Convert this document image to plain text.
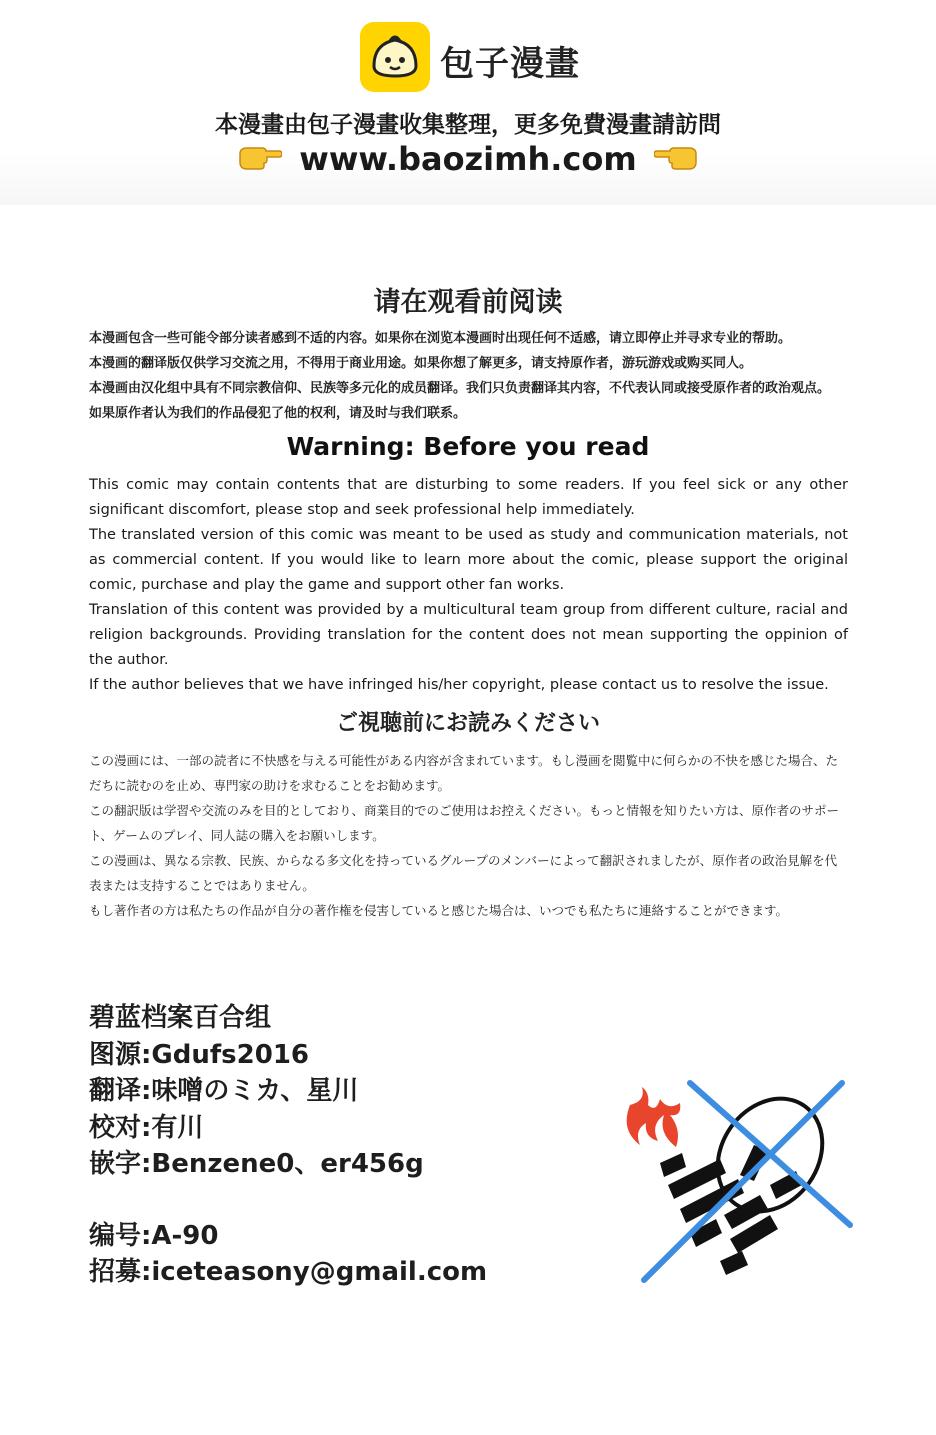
包子漫畫
本漫畫由包子漫畫收集整理，更多免費漫畫請訪問
www.baozimh.com
请在观看前阅读

本漫画包含一些可能令部分读者感到不适的内容。如果你在浏览本漫画时出现任何不适感，请立即停止并寻求专业的帮助。

本漫画的翻译版仅供学习交流之用，不得用于商业用途。如果你想了解更多，请支持原作者，游玩游戏或购买同人。

本漫画由汉化组中具有不同宗教信仰、民族等多元化的成员翻译。我们只负责翻译其内容，不代表认同或接受原作者的政治观点。

如果原作者认为我们的作品侵犯了他的权利，请及时与我们联系。

Warning: Before you read

This comic may contain contents that are disturbing to some readers. If you feel sick or any other significant discomfort, please stop and seek professional help immediately.

The translated version of this comic was meant to be used as study and communication materials, not as commercial content. If you would like to learn more about the comic, please support the original comic, purchase and play the game and support other fan works.

Translation of this content was provided by a multicultural team group from different culture, racial and religion backgrounds. Providing translation for the content does not mean supporting the oppinion of the author.

If the author believes that we have infringed his/her copyright, please contact us to resolve the issue.

ご視聴前にお読みください

この漫画には、一部の読者に不快感を与える可能性がある内容が含まれています。もし漫画を閲覧中に何らかの不快を感じた場合、ただちに読むのを止め、専門家の助けを求むることをお勧めます。

この翻訳版は学習や交流のみを目的としており、商業目的でのご使用はお控えください。もっと情報を知りたい方は、原作者のサポート、ゲームのプレイ、同人誌の購入をお願いします。

この漫画は、異なる宗教、民族、からなる多文化を持っているグループのメンバーによって翻訳されましたが、原作者の政治見解を代表または支持することではありません。

もし著作者の方は私たちの作品が自分の著作権を侵害していると感じた場合は、いつでも私たちに連絡することができます。

碧蓝档案百合组
图源:Gdufs2016
翻译:味噌のミカ、星川
校对:有川
嵌字:Benzene0、er456g
编号:A-90
招募:iceteasony@gmail.com
